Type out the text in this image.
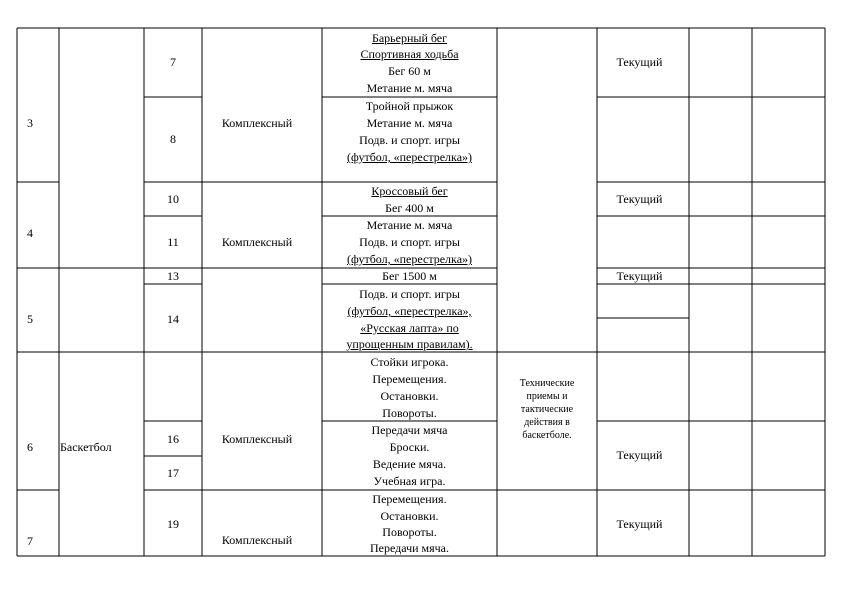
3
7
8
Комплексный
Барьерный бег
Спортивная ходьба
Бег 60 м
Метание м. мяча
Тройной прыжок
Метание м. мяча
Подв. и спорт. игры
(футбол, «перестрелка»)
Текущий
4
10
11	Комплексный
Кроссовый бег
Бег 400 м
Метание м. мяча
Подв. и спорт. игры
(футбол, «перестрелка»)
Текущий
5
13
14
Бег 1500 м
Подв. и спорт. игры
(футбол, «перестрелка»,
«Русская лапта» по
упрощенным правилам).
Текущий
6 Баскетбол
16
17
Комплексный
Стойки игрока.
Перемещения.
Остановки.
Повороты.
Передачи мяча
Броски.
Ведение мяча.
Учебная игра.
Технические приемы и тактические действия в баскетболе.
Текущий
7
19
Комплексный
Перемещения.
Остановки.
Повороты.
Передачи мяча.
Текущий
